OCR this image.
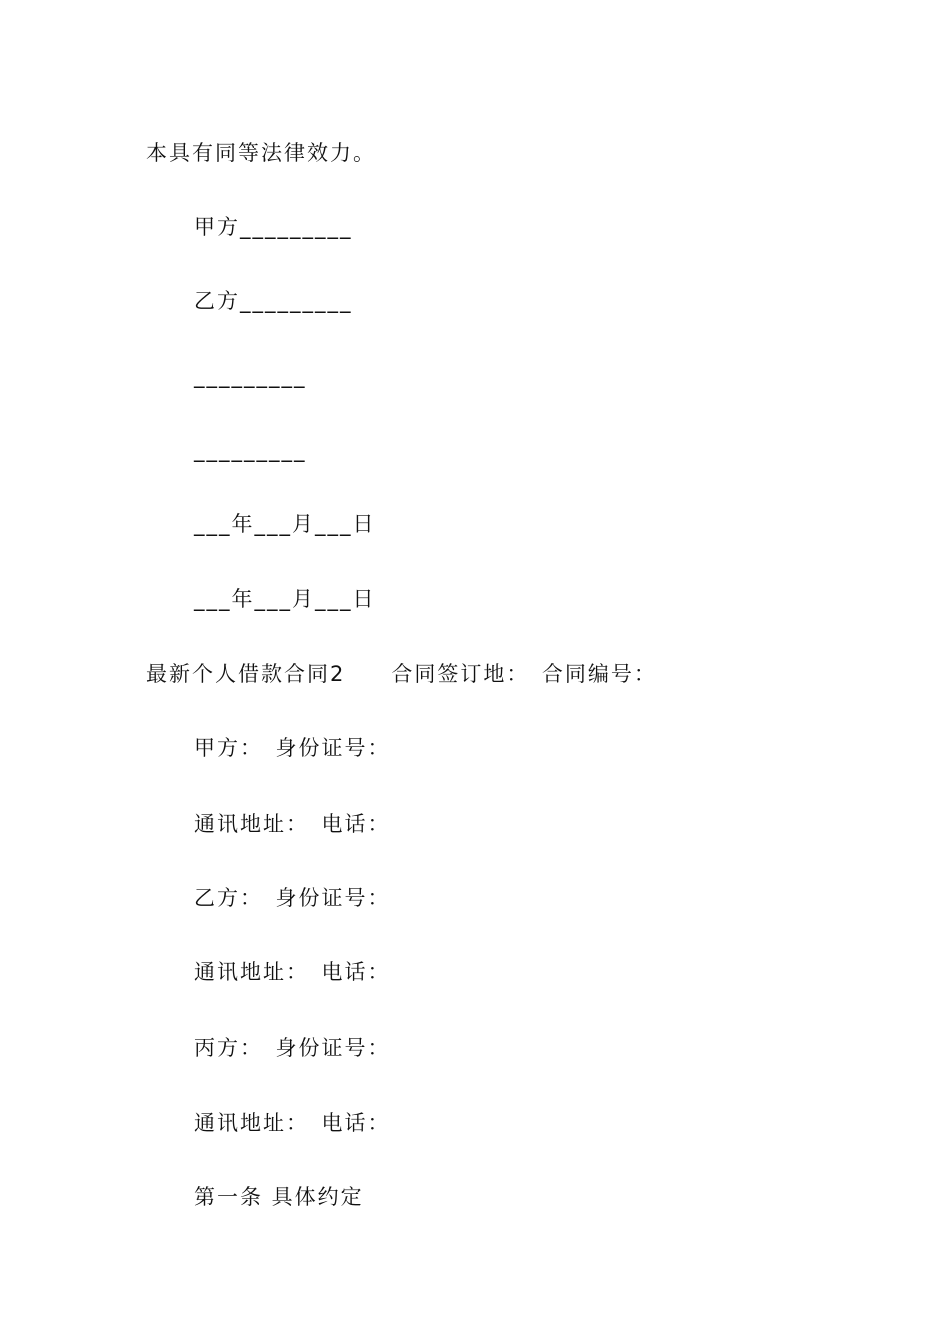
本具有同等法律效力。
甲方_________
乙方_________
_________
_________
___年___月___日
___年___月___日
最新个人借款合同2　　合同签订地：　合同编号：
甲方：　身份证号：
通讯地址：　电话：
乙方：　身份证号：
通讯地址：　电话：
丙方：　身份证号：
通讯地址：　电话：
第一条 具体约定
